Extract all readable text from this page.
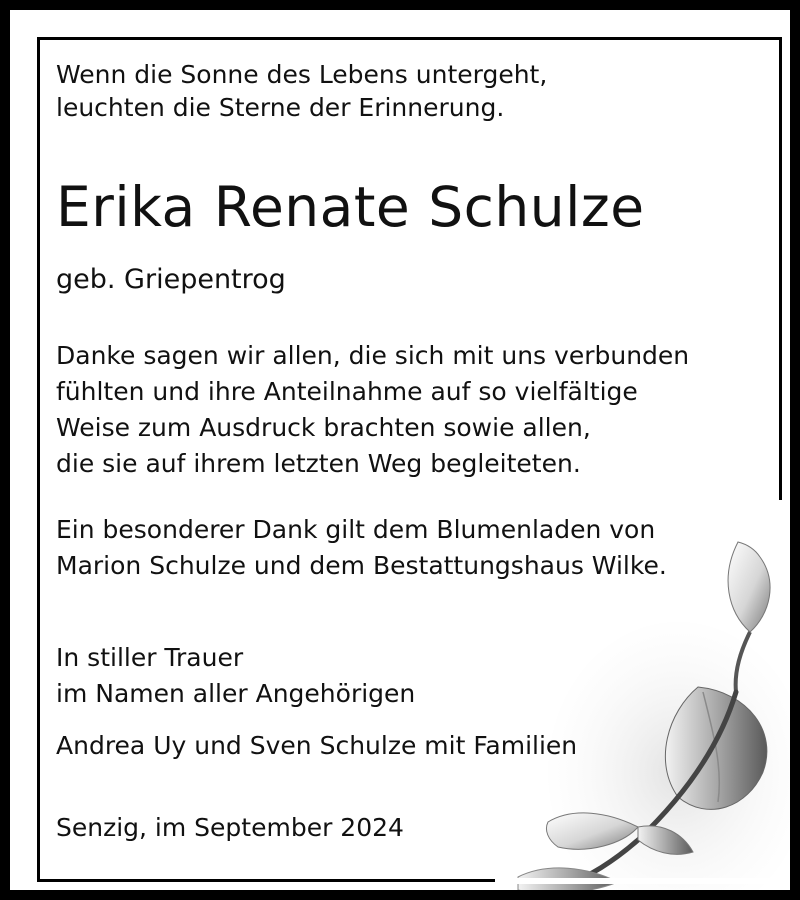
Wenn die Sonne des Lebens untergeht,
leuchten die Sterne der Erinnerung.

Erika Renate Schulze

geb. Griepentrog

Danke sagen wir allen, die sich mit uns verbunden
fühlten und ihre Anteilnahme auf so vielfältige
Weise zum Ausdruck brachten sowie allen,
die sie auf ihrem letzten Weg begleiteten.

Ein besonderer Dank gilt dem Blumenladen von
Marion Schulze und dem Bestattungshaus Wilke.

In stiller Trauer
im Namen aller Angehörigen

Andrea Uy und Sven Schulze mit Familien

Senzig, im September 2024
